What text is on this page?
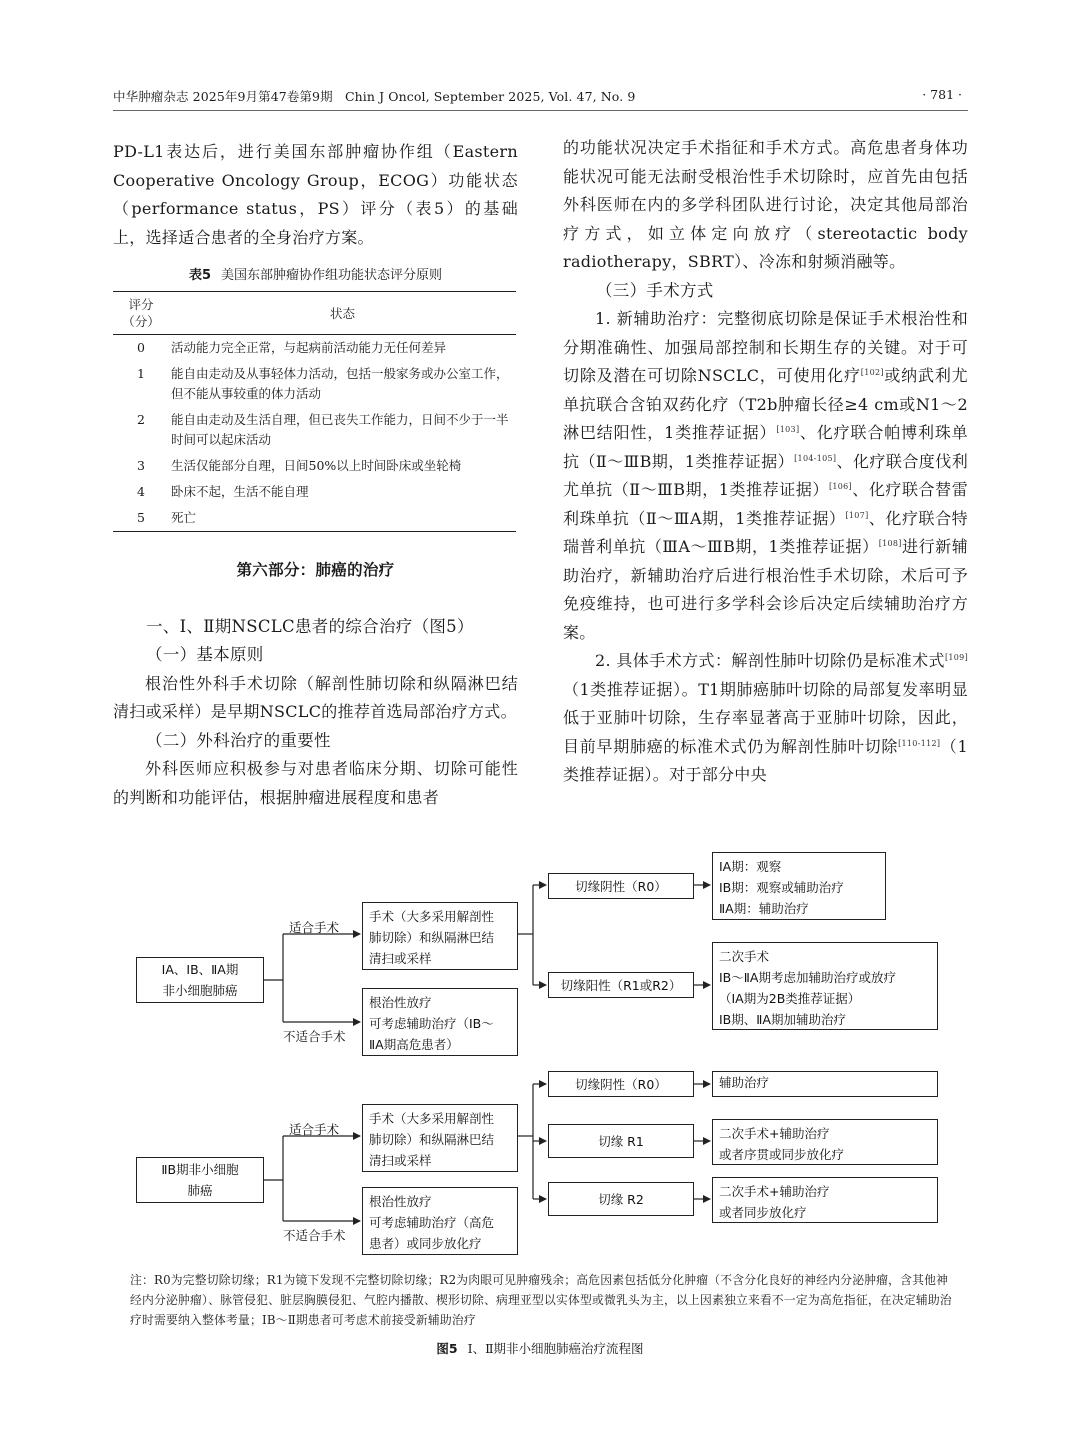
中华肿瘤杂志 2025年9月第47卷第9期 Chin J Oncol, September 2025, Vol. 47, No. 9	· 781 ·

PD-L1表达后，进行美国东部肿瘤协作组（Eastern Cooperative Oncology Group，ECOG）功能状态（performance status，PS）评分（表5）的基础上，选择适合患者的全身治疗方案。

表5 美国东部肿瘤协作组功能状态评分原则
评分
（分）	状态
0	活动能力完全正常，与起病前活动能力无任何差异
1	能自由走动及从事轻体力活动，包括一般家务或办公室工作，但不能从事较重的体力活动
2	能自由走动及生活自理，但已丧失工作能力，日间不少于一半时间可以起床活动
3	生活仅能部分自理，日间50%以上时间卧床或坐轮椅
4	卧床不起，生活不能自理
5	死亡

第六部分：肺癌的治疗

一、Ⅰ、Ⅱ期NSCLC患者的综合治疗（图5）

（一）基本原则

根治性外科手术切除（解剖性肺切除和纵隔淋巴结清扫或采样）是早期NSCLC的推荐首选局部治疗方式。

（二）外科治疗的重要性

外科医师应积极参与对患者临床分期、切除可能性的判断和功能评估，根据肿瘤进展程度和患者

的功能状况决定手术指征和手术方式。高危患者身体功能状况可能无法耐受根治性手术切除时，应首先由包括外科医师在内的多学科团队进行讨论，决定其他局部治疗方式，如立体定向放疗（stereotactic body radiotherapy，SBRT）、冷冻和射频消融等。

（三）手术方式

1. 新辅助治疗：完整彻底切除是保证手术根治性和分期准确性、加强局部控制和长期生存的关键。对于可切除及潜在可切除NSCLC，可使用化疗[102]或纳武利尤单抗联合含铂双药化疗（T2b肿瘤长径≥4 cm或N1～2淋巴结阳性，1类推荐证据）[103]、化疗联合帕博利珠单抗（Ⅱ～ⅢB期，1类推荐证据）[104-105]、化疗联合度伐利尤单抗（Ⅱ～ⅢB期，1类推荐证据）[106]、化疗联合替雷利珠单抗（Ⅱ～ⅢA期，1类推荐证据）[107]、化疗联合特瑞普利单抗（ⅢA～ⅢB期，1类推荐证据）[108]进行新辅助治疗，新辅助治疗后进行根治性手术切除，术后可予免疫维持，也可进行多学科会诊后决定后续辅助治疗方案。

2. 具体手术方式：解剖性肺叶切除仍是标准术式[109]（1类推荐证据）。T1期肺癌肺叶切除的局部复发率明显低于亚肺叶切除，生存率显著高于亚肺叶切除，因此，目前早期肺癌的标准术式仍为解剖性肺叶切除[110-112]（1类推荐证据）。对于部分中央

ⅠA、ⅠB、ⅡA期
非小细胞肺癌
适合手术
不适合手术
手术（大多采用解剖性
肺切除）和纵隔淋巴结
清扫或采样
根治性放疗
可考虑辅助治疗（ⅠB～
ⅡA期高危患者）
切缘阴性（R0）
切缘阳性（R1或R2）
ⅠA期：观察
ⅠB期：观察或辅助治疗
ⅡA期：辅助治疗
二次手术
ⅠB～ⅡA期考虑加辅助治疗或放疗
（ⅠA期为2B类推荐证据）
ⅠB期、ⅡA期加辅助治疗
ⅡB期非小细胞
肺癌
适合手术
不适合手术
手术（大多采用解剖性
肺切除）和纵隔淋巴结
清扫或采样
根治性放疗
可考虑辅助治疗（高危
患者）或同步放化疗
切缘阴性（R0）
切缘 R1
切缘 R2
辅助治疗
二次手术+辅助治疗
或者序贯或同步放化疗
二次手术+辅助治疗
或者同步放化疗
注：R0为完整切除切缘；R1为镜下发现不完整切除切缘；R2为肉眼可见肿瘤残余；高危因素包括低分化肿瘤（不含分化良好的神经内分泌肿瘤，含其他神经内分泌肿瘤）、脉管侵犯、脏层胸膜侵犯、气腔内播散、楔形切除、病理亚型以实体型或微乳头为主，以上因素独立来看不一定为高危指征，在决定辅助治疗时需要纳入整体考量；ⅠB～Ⅱ期患者可考虑术前接受新辅助治疗
图5 Ⅰ、Ⅱ期非小细胞肺癌治疗流程图
